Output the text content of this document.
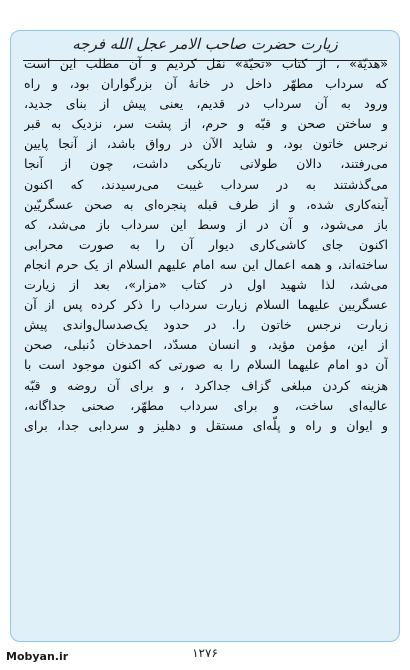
زیارت حضرت صاحب الامر عجل الله فرجه
«هدیّة» ، از کتاب «تحیّة» نقل کردیم و آن مطلب این است
که سرداب مطهّر داخل در خانهٔ آن بزرگواران بود، و راه
ورود به آن سرداب در قدیم، یعنی پیش از بنای جدید،
و ساختن صحن و قبّه و حرم، از پشت سر، نزدیک به قبر
نرجس خاتون بود، و شاید الآن در رواق باشد، از آنجا پایین
می‌رفتند، دالان طولانی تاریکی داشت، چون از آنجا
می‌گذشتند به در سرداب غیبت می‌رسیدند، که اکنون
آینه‌کاری شده، و از طرف قبله پنجره‌ای به صحن عسگریّین
باز می‌شود، و آن در از وسط این سرداب باز می‌شد، که
اکنون جای کاشی‌کاری دیوار آن را به صورت محرابی
ساخته‌اند، و همه اعمال این سه امام علیهم السلام از یک حرم انجام
می‌شد، لذا شهید اول در کتاب «مزار»، بعد از زیارت
عسگریین علیهما السلام زیارت سرداب را ذکر کرده پس از آن
زیارت نرجس خاتون را. در حدود یک‌صدسال‌واندی پیش
از این، مؤمن مؤید، و انسان مسدّد، احمدخان دُنبلی، صحن
آن دو امام علیهما السلام را به صورتی که اکنون موجود است با
هزینه کردن مبلغی گزاف جداکرد ، و برای آن روضه و قبّه
عالیه‌ای ساخت، و برای سرداب مطهّر، صحنی جداگانه،
و ایوان و راه و پلّه‌ای مستقل و دهلیز و سردابی جدا، برای
۱۲۷۶
Mobyan.ir
